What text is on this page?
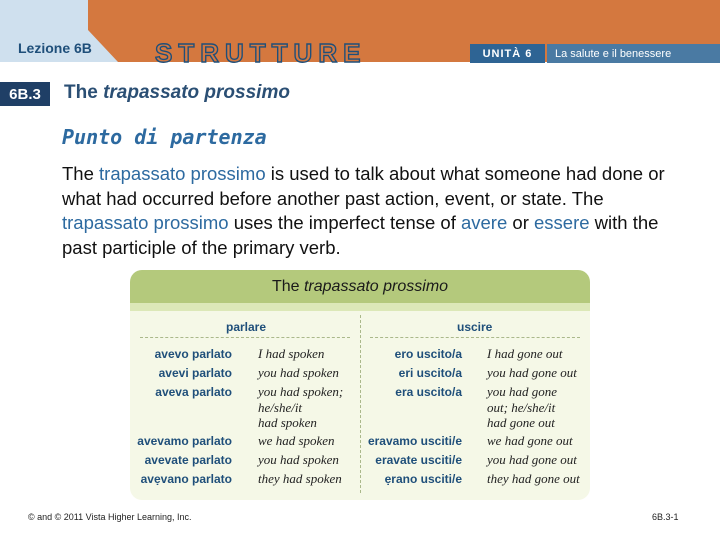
Lezione 6B STRUTTURE	UNITÀ 6	La salute e il benessere
6B.3	The trapassato prossimo
Punto di partenza
The trapassato prossimo is used to talk about what someone had done or what had occurred before another past action, event, or state. The trapassato prossimo uses the imperfect tense of avere or essere with the past participle of the primary verb.
The
trapassato prossimo
parlare	uscire
avevo parlato I had spoken
avevi parlato you had spoken
aveva parlato you had spoken;
he/she/it
had spoken
avevamo parlato we had spoken
avevate parlato you had spoken
avẹvano parlato they had spoken
ero uscito/a I had gone out
eri uscito/a you had gone out
era uscito/a you had gone
out; he/she/it
had gone out
eravamo usciti/e we had gone out
eravate usciti/e you had gone out
ẹrano usciti/e they had gone out
© and © 2011 Vista Higher Learning, Inc.	6B.3-1
